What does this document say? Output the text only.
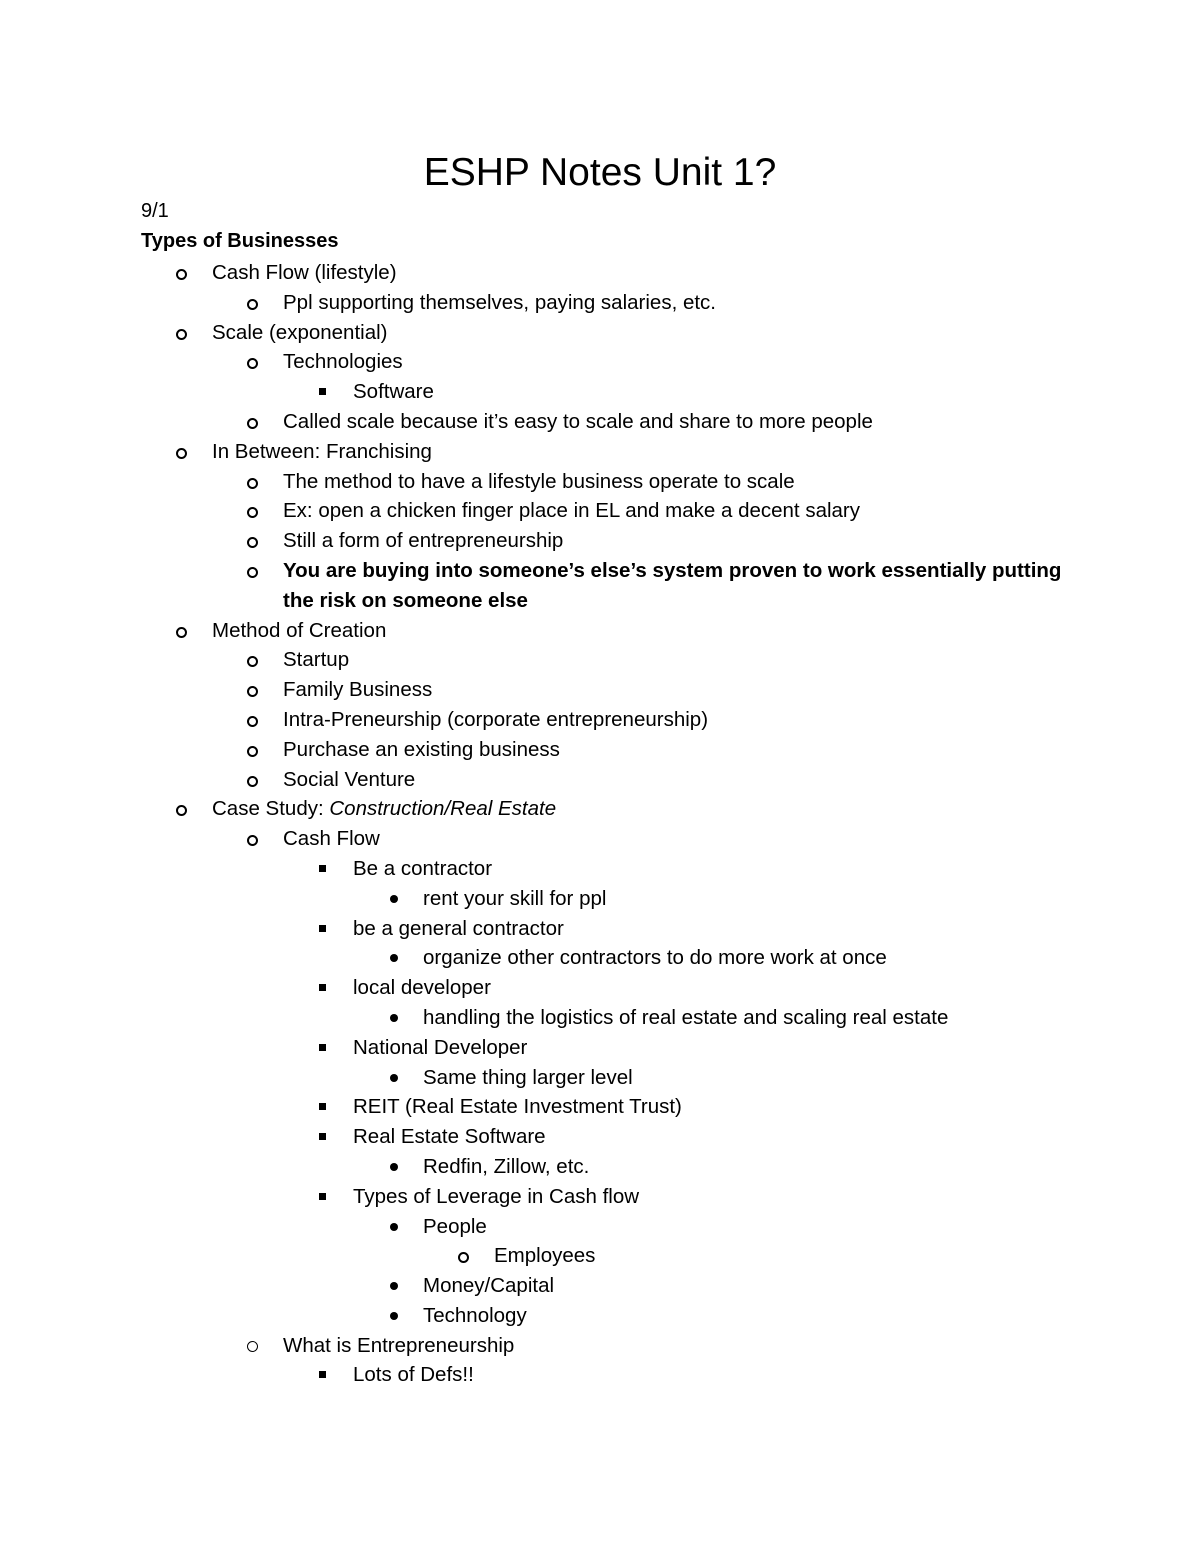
ESHP Notes Unit 1?
9/1
Types of Businesses
Cash Flow (lifestyle)
Ppl supporting themselves, paying salaries, etc.
Scale (exponential)
Technologies
Software
Called scale because it’s easy to scale and share to more people
In Between: Franchising
The method to have a lifestyle business operate to scale
Ex: open a chicken finger place in EL and make a decent salary
Still a form of entrepreneurship
You are buying into someone’s else’s system proven to work essentially putting the risk on someone else
Method of Creation
Startup
Family Business
Intra-Preneurship (corporate entrepreneurship)
Purchase an existing business
Social Venture
Case Study: Construction/Real Estate
Cash Flow
Be a contractor
rent your skill for ppl
be a general contractor
organize other contractors to do more work at once
local developer
handling the logistics of real estate and scaling real estate
National Developer
Same thing larger level
REIT (Real Estate Investment Trust)
Real Estate Software
Redfin, Zillow, etc.
Types of Leverage in Cash flow
People
Employees
Money/Capital
Technology
What is Entrepreneurship
Lots of Defs!!
